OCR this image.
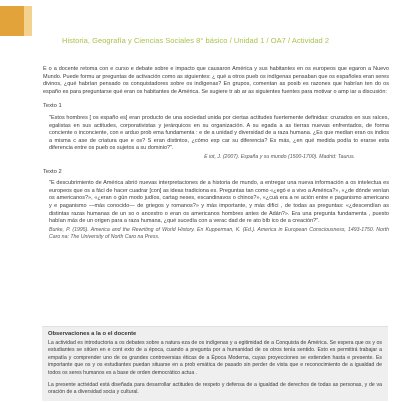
Historia, Geografía y Ciencias Sociales 8° básico / Unidad 1 / OA7 / Actividad 2

E o a docente retoma con e curso e debate sobre e impacto que causaron América y sus habitantes en os europeos que egaron a Nuevo Mundo. Puede formu ar preguntas de activación como as siguientes: ¿ qué a otros pueb os indígenas pensaban que os españoles eran seres divinos, ¿qué habrían pensado os conquistadores sobre os indígenas? En grupos, comentan as posib es razones que habrían ten do os españo es para preguntarse qué eran os habitantes de América. Se sugiere tr ab ar as siguientes fuentes para motivar o amp iar a discusión:

Texto 1

"Estos hombres [ os españo es] eran producto de una sociedad unida por ciertas actitudes fuertemente definidas: cruzados en sus raíces, egalistas en sus actitudes, corporativistas y jerárquicos en su organización. A su egada a as tierras nuevas enfrentados, de forma conciente o inconciente, con e arduo prob ema fundamenta : e de a unidad y diversidad de a raza humana. ¿Es que median eran os indios a misma c ase de criatura que e os? S eran distintos, ¿cómo exp car su diferencia? Es más, ¿en qué medida podía to erarse esta diferencia entre os pueb os sujetos a su dominio?".

E iot, J. (2007). España y su mundo (1500-1700). Madrid: Taurus.

Texto 2

"E descubrimiento de América abrió nuevas interpretaciones de a historia de mundo, a entregar una nueva información a os intelectua es europeos que os a fáci de hacer cuadrar [con] as ideas tradiciona es. Preguntas tan como «¿egó e a vivo a América?», «¿de dónde venían os americanos?», «¿eran o gún modo judíos, cartag neses, escandinavos o chinos?», «¿cuá era a re ación entre e paganismo americano y e paganismo —más conocido— de griegos y romanos?» y más importante, y más difíci , de todas as preguntas: «¿descendían as distintas razas humanas de un so o ancestro o eran os americanos hombres antes de Adán?». Era una pregunta fundamenta , puesto habían más de un origen para a raza humana, ¿qué sucedía con a verac dad de re ato bíb ico de a creación?".

Burke, P. (1995). America and the Rewriting of World History. En Kupperman, K. (Ed.). America in European Consciousness, 1493-1750. North Caro na: The University of North Caro na Press.

Observaciones a la o el docente

La actividad es introductoria a os debates sobre a natura eza de os indígenas y a egitimidad de a Conquista de América. Se espera que os y os estudiantes se sitúen en e cont exto de a época, cuando a pregunta por a humanidad de os otros tenía sentido. Esto es permitirá trabajar a empatía y comprender uno de os grandes controversias éticas de a Época Moderna, cuyas proyecciones se extienden hasta e presente. Es importante que os y os estudiantes puedan situarse en a prob emática de pasado sin perder de vista que e reconocimiento de a igualdad de todos os seres humanos es a base de orden democrático actua .

La presente actividad está diseñada para desarrollar actitudes de respeto y defensa de a igualdad de derechos de todas as personas, y de va oración de a diversidad socia y cultural.
